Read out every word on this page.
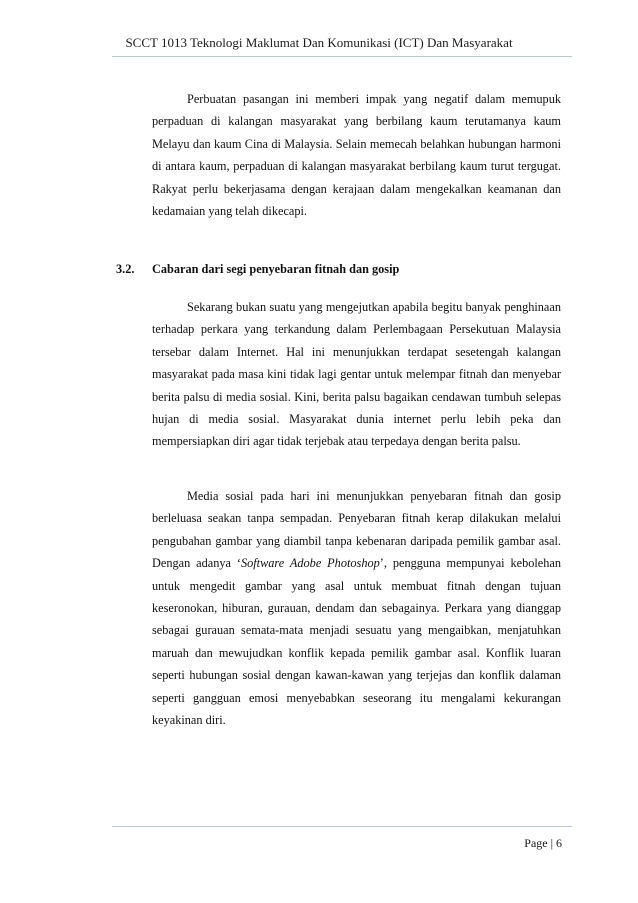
SCCT 1013 Teknologi Maklumat Dan Komunikasi (ICT) Dan Masyarakat

Perbuatan pasangan ini memberi impak yang negatif dalam memupuk perpaduan di kalangan masyarakat yang berbilang kaum terutamanya kaum Melayu dan kaum Cina di Malaysia. Selain memecah belahkan hubungan harmoni di antara kaum, perpaduan di kalangan masyarakat berbilang kaum turut tergugat. Rakyat perlu bekerjasama dengan kerajaan dalam mengekalkan keamanan dan kedamaian yang telah dikecapi.

3.2. Cabaran dari segi penyebaran fitnah dan gosip

Sekarang bukan suatu yang mengejutkan apabila begitu banyak penghinaan terhadap perkara yang terkandung dalam Perlembagaan Persekutuan Malaysia tersebar dalam Internet. Hal ini menunjukkan terdapat sesetengah kalangan masyarakat pada masa kini tidak lagi gentar untuk melempar fitnah dan menyebar berita palsu di media sosial. Kini, berita palsu bagaikan cendawan tumbuh selepas hujan di media sosial. Masyarakat dunia internet perlu lebih peka dan mempersiapkan diri agar tidak terjebak atau terpedaya dengan berita palsu.

Media sosial pada hari ini menunjukkan penyebaran fitnah dan gosip berleluasa seakan tanpa sempadan. Penyebaran fitnah kerap dilakukan melalui pengubahan gambar yang diambil tanpa kebenaran daripada pemilik gambar asal. Dengan adanya ‘Software Adobe Photoshop’, pengguna mempunyai kebolehan untuk mengedit gambar yang asal untuk membuat fitnah dengan tujuan keseronokan, hiburan, gurauan, dendam dan sebagainya. Perkara yang dianggap sebagai gurauan semata-mata menjadi sesuatu yang mengaibkan, menjatuhkan maruah dan mewujudkan konflik kepada pemilik gambar asal. Konflik luaran seperti hubungan sosial dengan kawan-kawan yang terjejas dan konflik dalaman seperti gangguan emosi menyebabkan seseorang itu mengalami kekurangan keyakinan diri.

Page | 6
